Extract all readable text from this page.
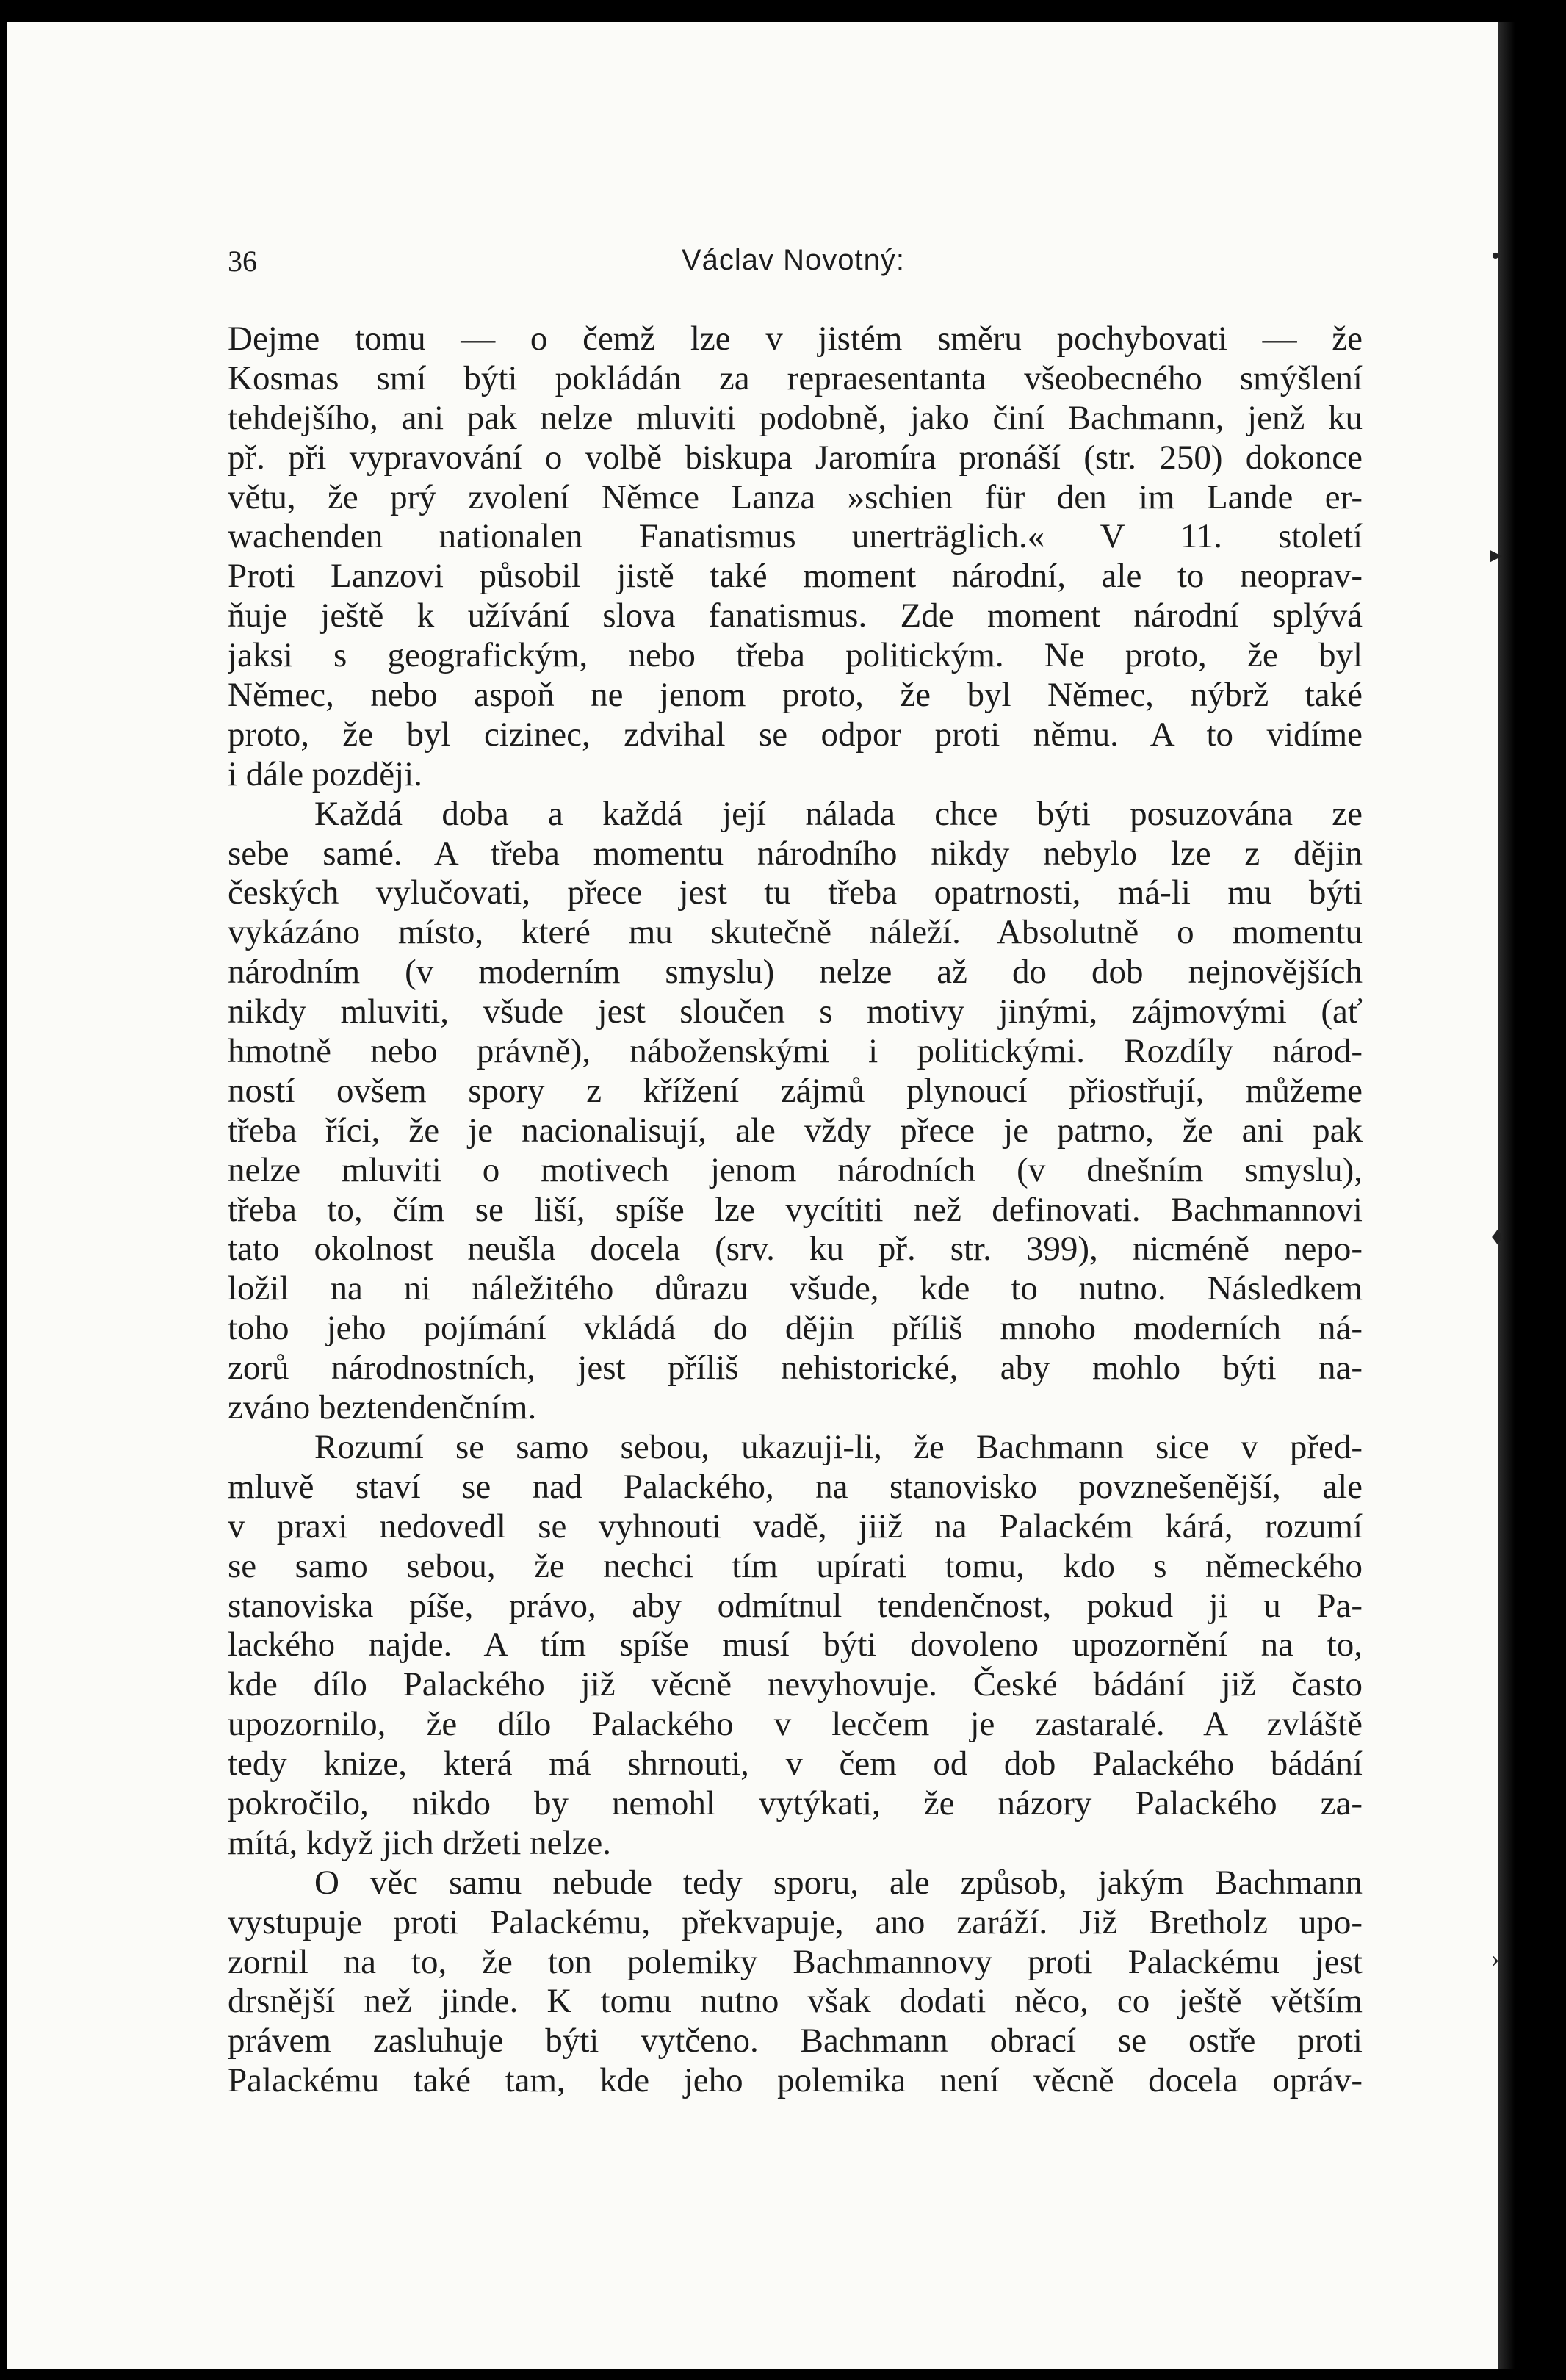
36	Václav Novotný:	•
▸
♦
›
Dejme tomu — o čemž lze v jistém směru pochybovati — že
Kosmas smí býti pokládán za repraesentanta všeobecného smýšlení
tehdejšího, ani pak nelze mluviti podobně, jako činí Bachmann, jenž ku
př. při vypravování o volbě biskupa Jaromíra pronáší (str. 250) dokonce
větu, že prý zvolení Němce Lanza »schien für den im Lande er-
wachenden nationalen Fanatismus unerträglich.« V 11. století
Proti Lanzovi působil jistě také moment národní, ale to neoprav-
ňuje ještě k užívání slova fanatismus. Zde moment národní splývá
jaksi s geografickým, nebo třeba politickým. Ne proto, že byl
Němec, nebo aspoň ne jenom proto, že byl Němec, nýbrž také
proto, že byl cizinec, zdvihal se odpor proti němu. A to vidíme
i dále později.
Každá doba a každá její nálada chce býti posuzována ze
sebe samé. A třeba momentu národního nikdy nebylo lze z dějin
českých vylučovati, přece jest tu třeba opatrnosti, má-li mu býti
vykázáno místo, které mu skutečně náleží. Absolutně o momentu
národním (v moderním smyslu) nelze až do dob nejnovějších
nikdy mluviti, všude jest sloučen s motivy jinými, zájmovými (ať
hmotně nebo právně), náboženskými i politickými. Rozdíly národ-
ností ovšem spory z křížení zájmů plynoucí přiostřují, můžeme
třeba říci, že je nacionalisují, ale vždy přece je patrno, že ani pak
nelze mluviti o motivech jenom národních (v dnešním smyslu),
třeba to, čím se liší, spíše lze vycítiti než definovati. Bachmannovi
tato okolnost neušla docela (srv. ku př. str. 399), nicméně nepo-
ložil na ni náležitého důrazu všude, kde to nutno. Následkem
toho jeho pojímání vkládá do dějin příliš mnoho moderních ná-
zorů národnostních, jest příliš nehistorické, aby mohlo býti na-
zváno beztendenčním.
Rozumí se samo sebou, ukazuji-li, že Bachmann sice v před-
mluvě staví se nad Palackého, na stanovisko povznešenější, ale
v praxi nedovedl se vyhnouti vadě, jiiž na Palackém kárá, rozumí
se samo sebou, že nechci tím upírati tomu, kdo s německého
stanoviska píše, právo, aby odmítnul tendenčnost, pokud ji u Pa-
lackého najde. A tím spíše musí býti dovoleno upozornění na to,
kde dílo Palackého již věcně nevyhovuje. České bádání již často
upozornilo, že dílo Palackého v lecčem je zastaralé. A zvláště
tedy knize, která má shrnouti, v čem od dob Palackého bádání
pokročilo, nikdo by nemohl vytýkati, že názory Palackého za-
mítá, když jich držeti nelze.
O věc samu nebude tedy sporu, ale způsob, jakým Bachmann
vystupuje proti Palackému, překvapuje, ano zaráží. Již Bretholz upo-
zornil na to, že ton polemiky Bachmannovy proti Palackému jest
drsnější než jinde. K tomu nutno však dodati něco, co ještě větším
právem zasluhuje býti vytčeno. Bachmann obrací se ostře proti
Palackému také tam, kde jeho polemika není věcně docela opráv-
